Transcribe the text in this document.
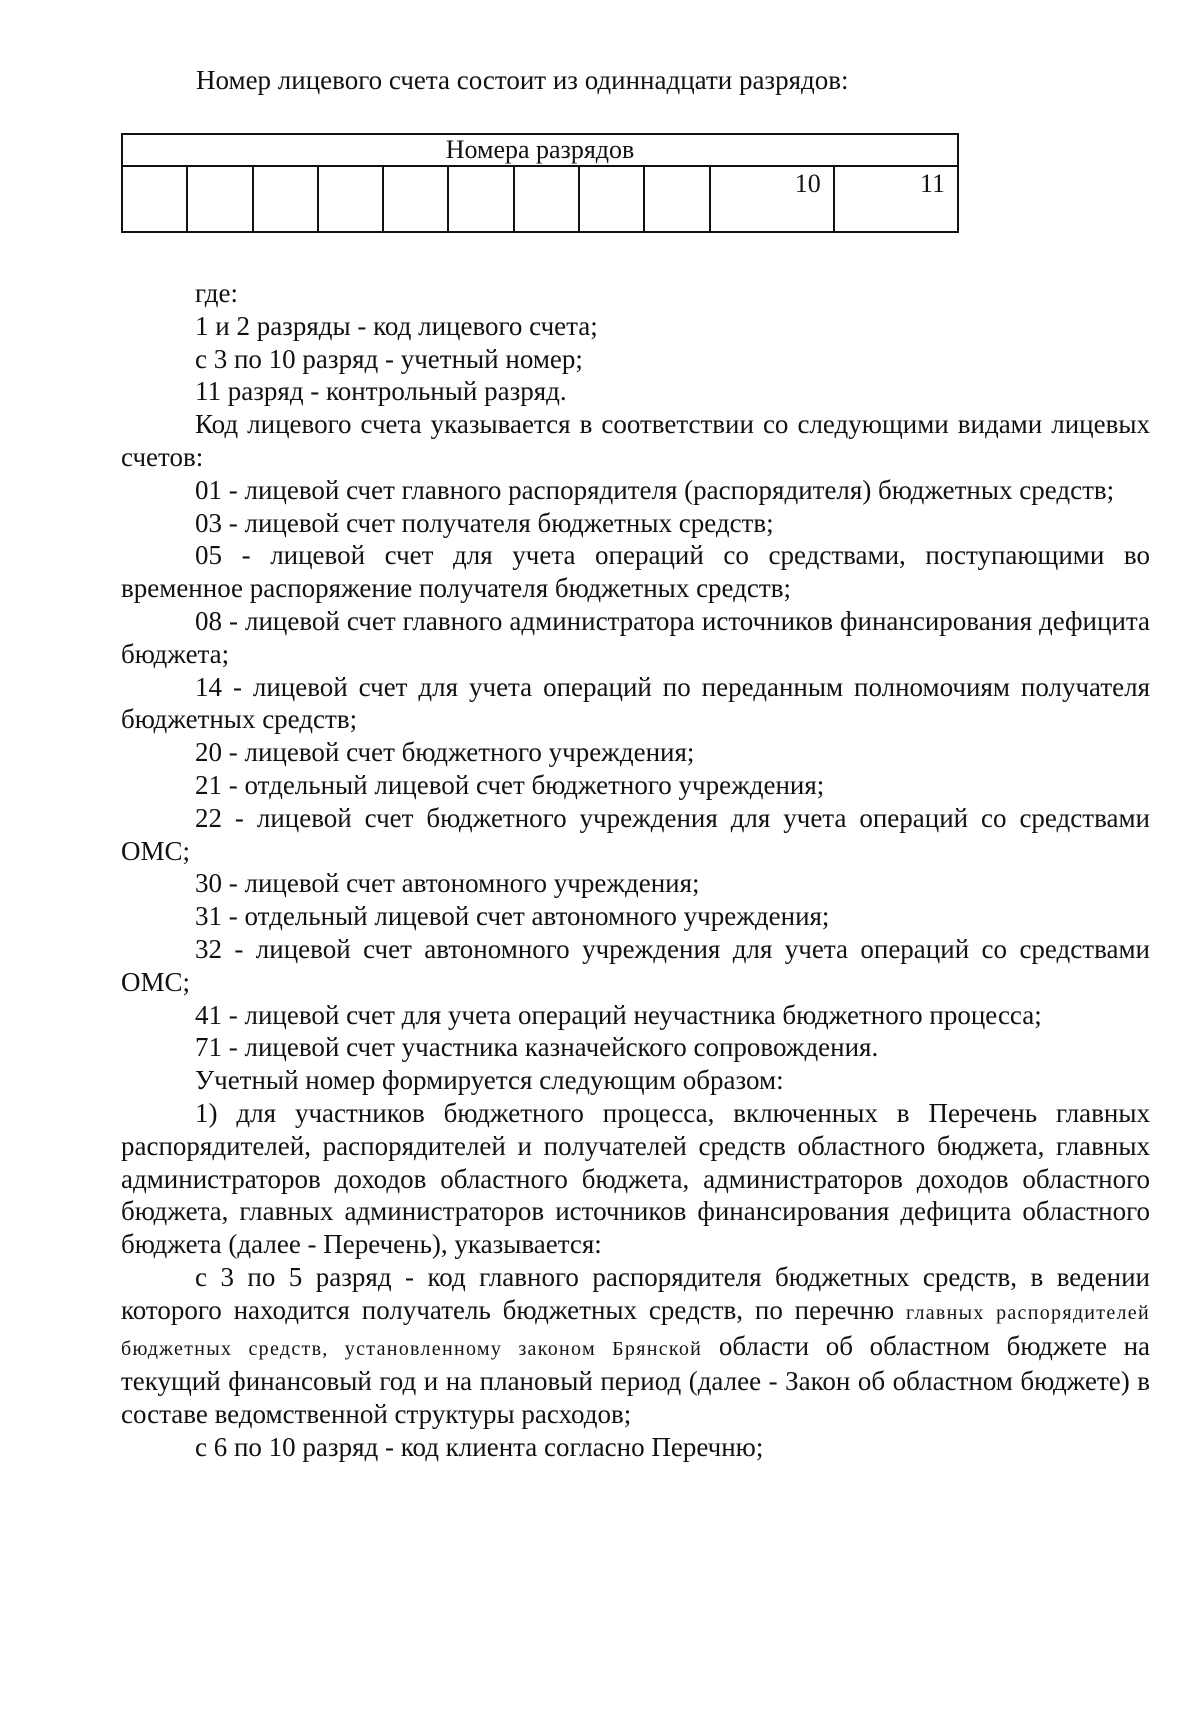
Номер лицевого счета состоит из одиннадцати разрядов:
Номера разрядов
									10	11

где:

1 и 2 разряды - код лицевого счета;

с 3 по 10 разряд - учетный номер;

11 разряд - контрольный разряд.

Код лицевого счета указывается в соответствии со следующими видами лицевых счетов:

01 - лицевой счет главного распорядителя (распорядителя) бюджетных средств;

03 - лицевой счет получателя бюджетных средств;

05 - лицевой счет для учета операций со средствами, поступающими во временное распоряжение получателя бюджетных средств;

08 - лицевой счет главного администратора источников финансирования дефицита бюджета;

14 - лицевой счет для учета операций по переданным полномочиям получателя бюджетных средств;

20 - лицевой счет бюджетного учреждения;

21 - отдельный лицевой счет бюджетного учреждения;

22 - лицевой счет бюджетного учреждения для учета операций со средствами ОМС;

30 - лицевой счет автономного учреждения;

31 - отдельный лицевой счет автономного учреждения;

32 - лицевой счет автономного учреждения для учета операций со средствами ОМС;

41 - лицевой счет для учета операций неучастника бюджетного процесса;

71 - лицевой счет участника казначейского сопровождения.

Учетный номер формируется следующим образом:

1) для участников бюджетного процесса, включенных в Перечень главных распорядителей, распорядителей и получателей средств областного бюджета, главных администраторов доходов областного бюджета, администраторов доходов областного бюджета, главных администраторов источников финансирования дефицита областного бюджета (далее - Перечень), указывается:

с 3 по 5 разряд - код главного распорядителя бюджетных средств, в ведении которого находится получатель бюджетных средств, по перечню главных распорядителей бюджетных средств, установленному законом Брянской области об областном бюджете на текущий финансовый год и на плановый период (далее - Закон об областном бюджете) в составе ведомственной структуры расходов;

с 6 по 10 разряд - код клиента согласно Перечню;
